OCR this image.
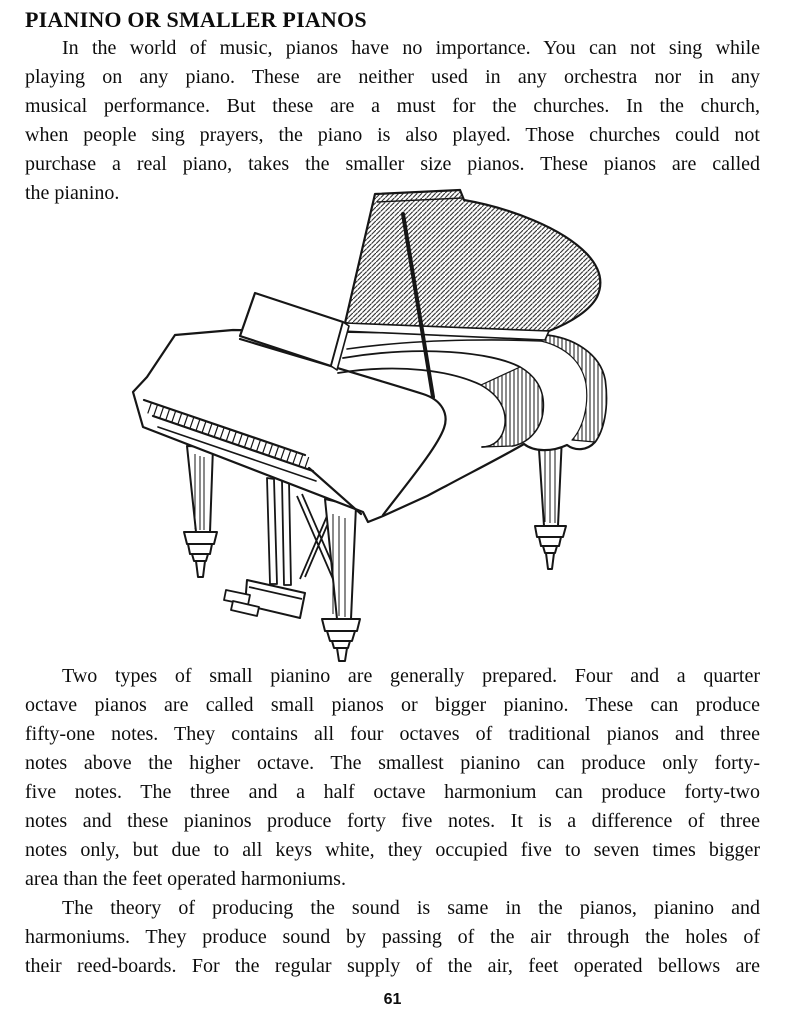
PIANINO OR SMALLER PIANOS
In the world of music, pianos have no importance. You can not sing while
playing on any piano. These are neither used in any orchestra nor in any
musical performance. But these are a must for the churches. In the church,
when people sing prayers, the piano is also played. Those churches could not
purchase a real piano, takes the smaller size pianos. These pianos are called
the pianino.
Two types of small pianino are generally prepared. Four and a quarter
octave pianos are called small pianos or bigger pianino. These can produce
fifty-one notes. They contains all four octaves of traditional pianos and three
notes above the higher octave. The smallest pianino can produce only forty-
five notes. The three and a half octave harmonium can produce forty-two
notes and these pianinos produce forty five notes. It is a difference of three
notes only, but due to all keys white, they occupied five to seven times bigger
area than the feet operated harmoniums.
The theory of producing the sound is same in the pianos, pianino and
harmoniums. They produce sound by passing of the air through the holes of
their reed-boards. For the regular supply of the air, feet operated bellows are
61
